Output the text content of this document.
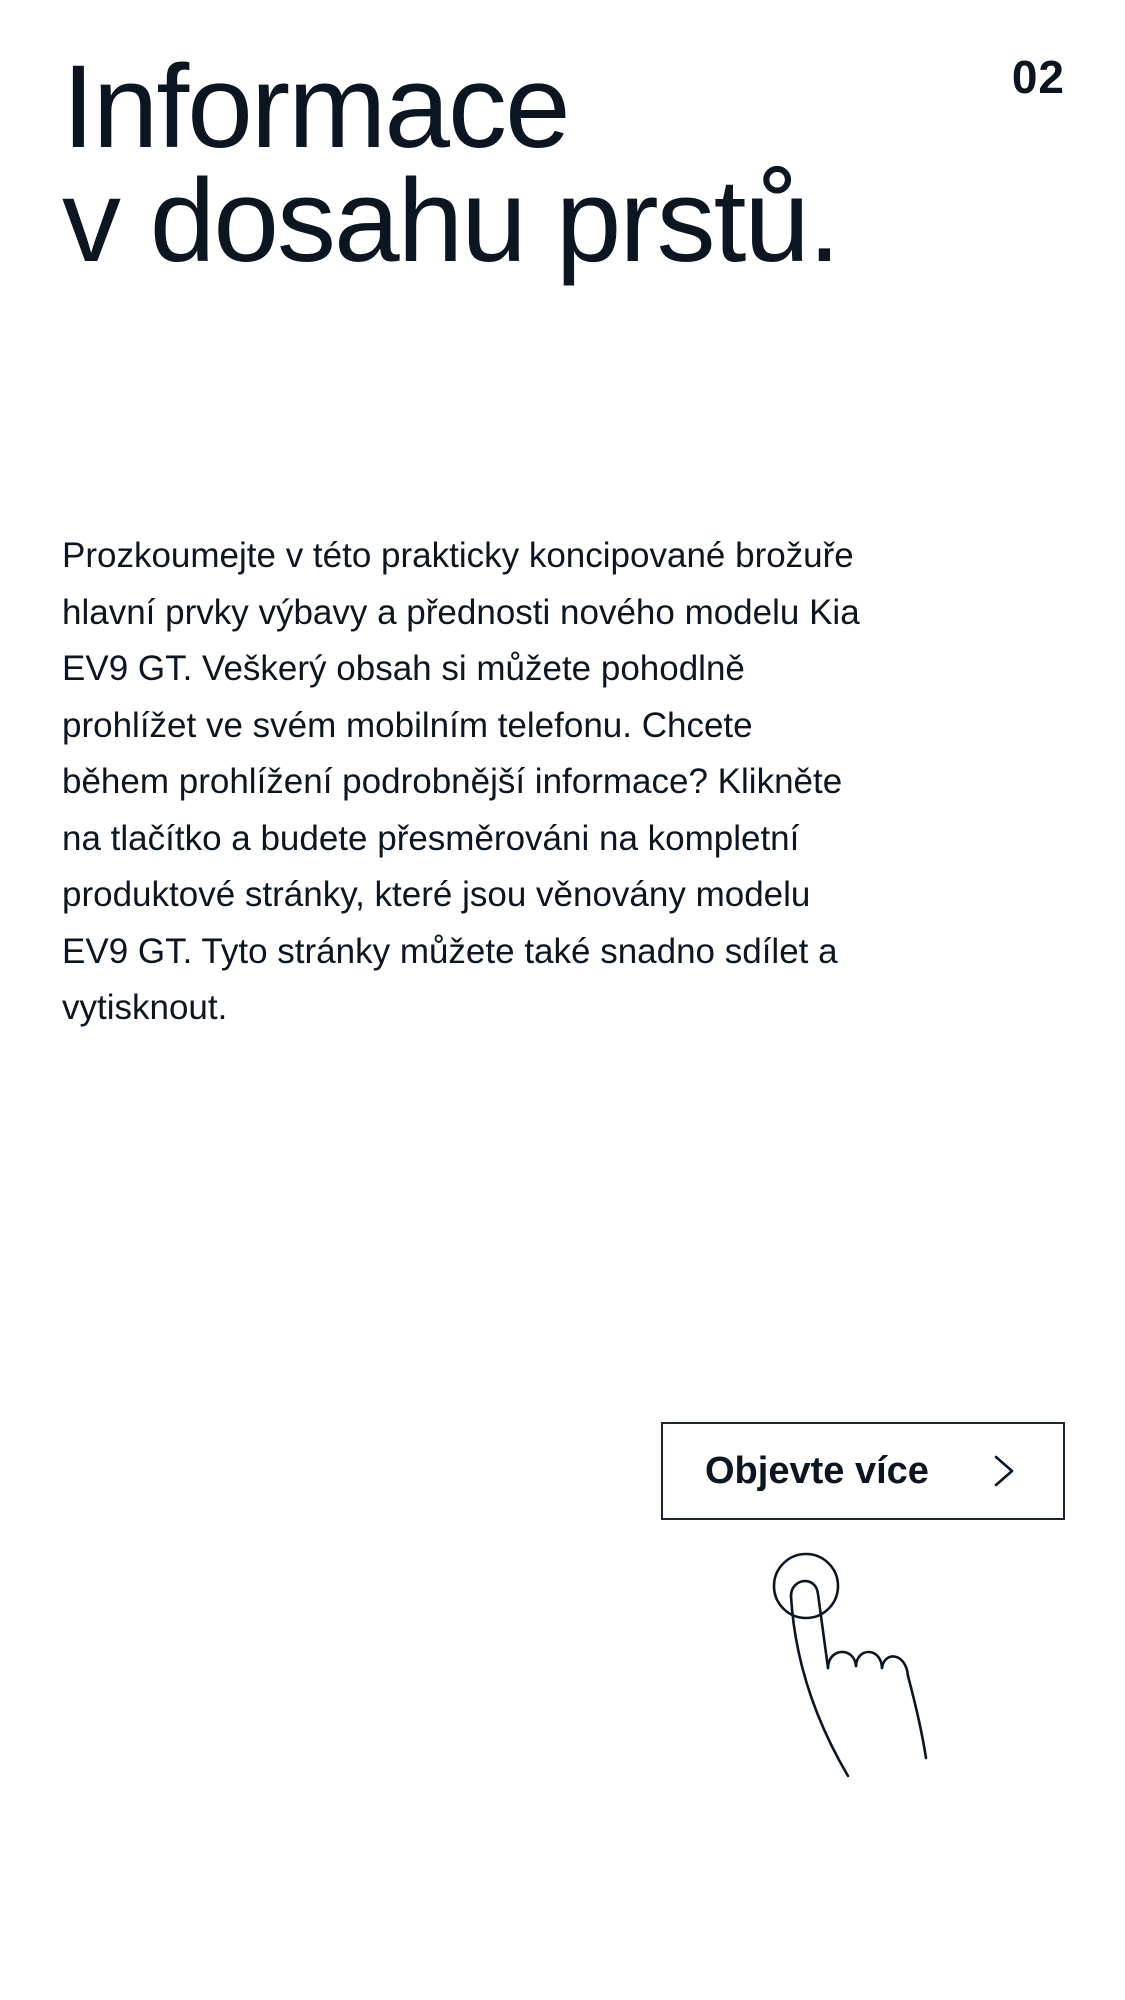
02
Informace
v dosahu prstů.

Prozkoumejte v této prakticky koncipované brožuře hlavní prvky výbavy a přednosti nového modelu Kia EV9 GT. Veškerý obsah si můžete pohodlně prohlížet ve svém mobilním telefonu. Chcete během prohlížení podrobnější informace? Klikněte na tlačítko a budete přesměrováni na kompletní produktové stránky, které jsou věnovány modelu EV9 GT. Tyto stránky můžete také snadno sdílet a vytisknout.

Objevte více
